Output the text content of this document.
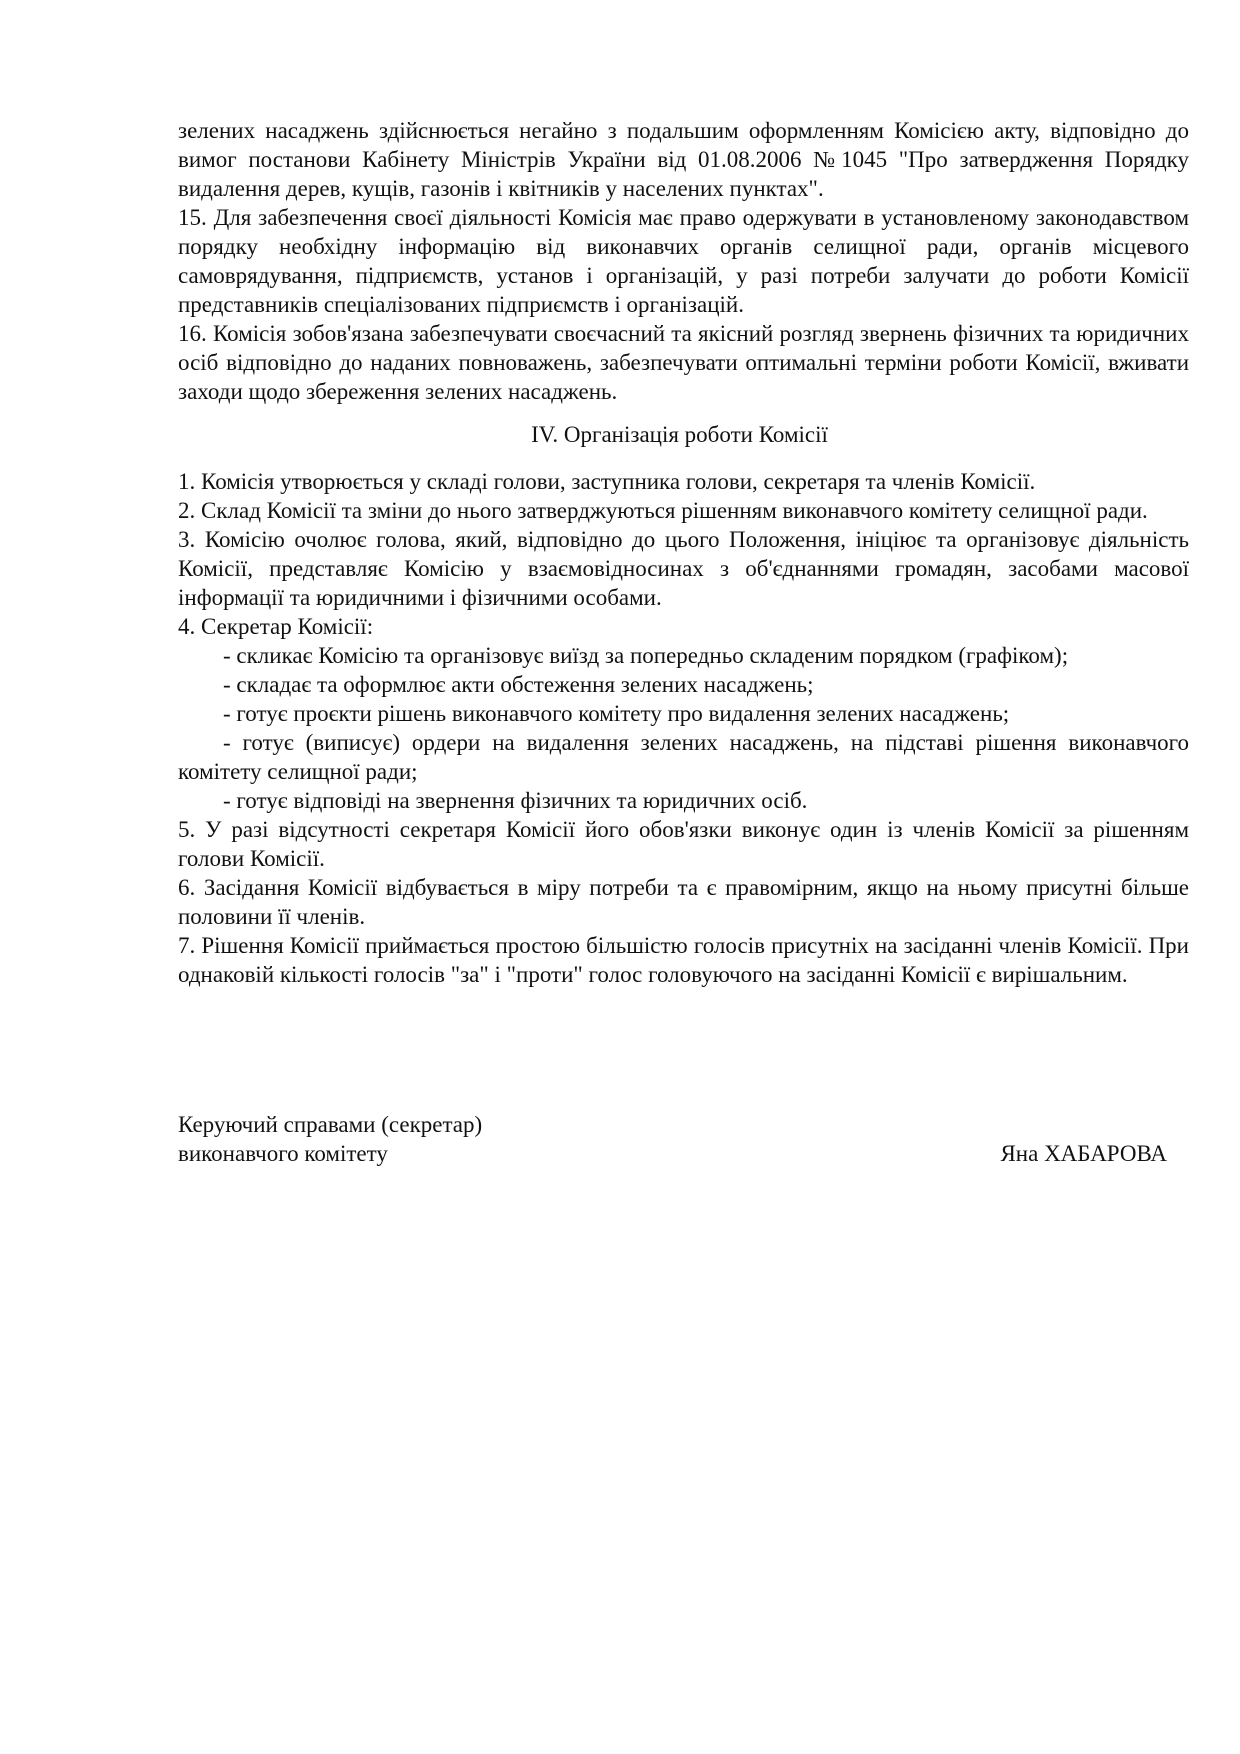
зелених насаджень здійснюється негайно з подальшим оформленням Комісією акту, відповідно до вимог постанови Кабінету Міністрів України від 01.08.2006 №1045 "Про затвердження Порядку видалення дерев, кущів, газонів і квітників у населених пунктах".

15. Для забезпечення своєї діяльності Комісія має право одержувати в установленому законодавством порядку необхідну інформацію від виконавчих органів селищної ради, органів місцевого самоврядування, підприємств, установ і організацій, у разі потреби залучати до роботи Комісії представників спеціалізованих підприємств і організацій.

16. Комісія зобов'язана забезпечувати своєчасний та якісний розгляд звернень фізичних та юридичних осіб відповідно до наданих повноважень, забезпечувати оптимальні терміни роботи Комісії, вживати заходи щодо збереження зелених насаджень.

IV. Організація роботи Комісії

1. Комісія утворюється у складі голови, заступника голови, секретаря та членів Комісії.

2. Склад Комісії та зміни до нього затверджуються рішенням виконавчого комітету селищної ради.

3. Комісію очолює голова, який, відповідно до цього Положення, ініціює та організовує діяльність Комісії, представляє Комісію у взаємовідносинах з об'єднаннями громадян, засобами масової інформації та юридичними і фізичними особами.

4. Секретар Комісії:

- скликає Комісію та організовує виїзд за попередньо складеним порядком (графіком);

- складає та оформлює акти обстеження зелених насаджень;

- готує проєкти рішень виконавчого комітету про видалення зелених насаджень;

- готує (виписує) ордери на видалення зелених насаджень, на підставі рішення виконавчого комітету селищної ради;

- готує відповіді на звернення фізичних та юридичних осіб.

5. У разі відсутності секретаря Комісії його обов'язки виконує один із членів Комісії за рішенням голови Комісії.

6. Засідання Комісії відбувається в міру потреби та є правомірним, якщо на ньому присутні більше половини її членів.

7. Рішення Комісії приймається простою більшістю голосів присутніх на засіданні членів Комісії. При однаковій кількості голосів "за" і "проти" голос головуючого на засіданні Комісії є вирішальним.

Керуючий справами (секретар)
виконавчого комітету	Яна ХАБАРОВА
